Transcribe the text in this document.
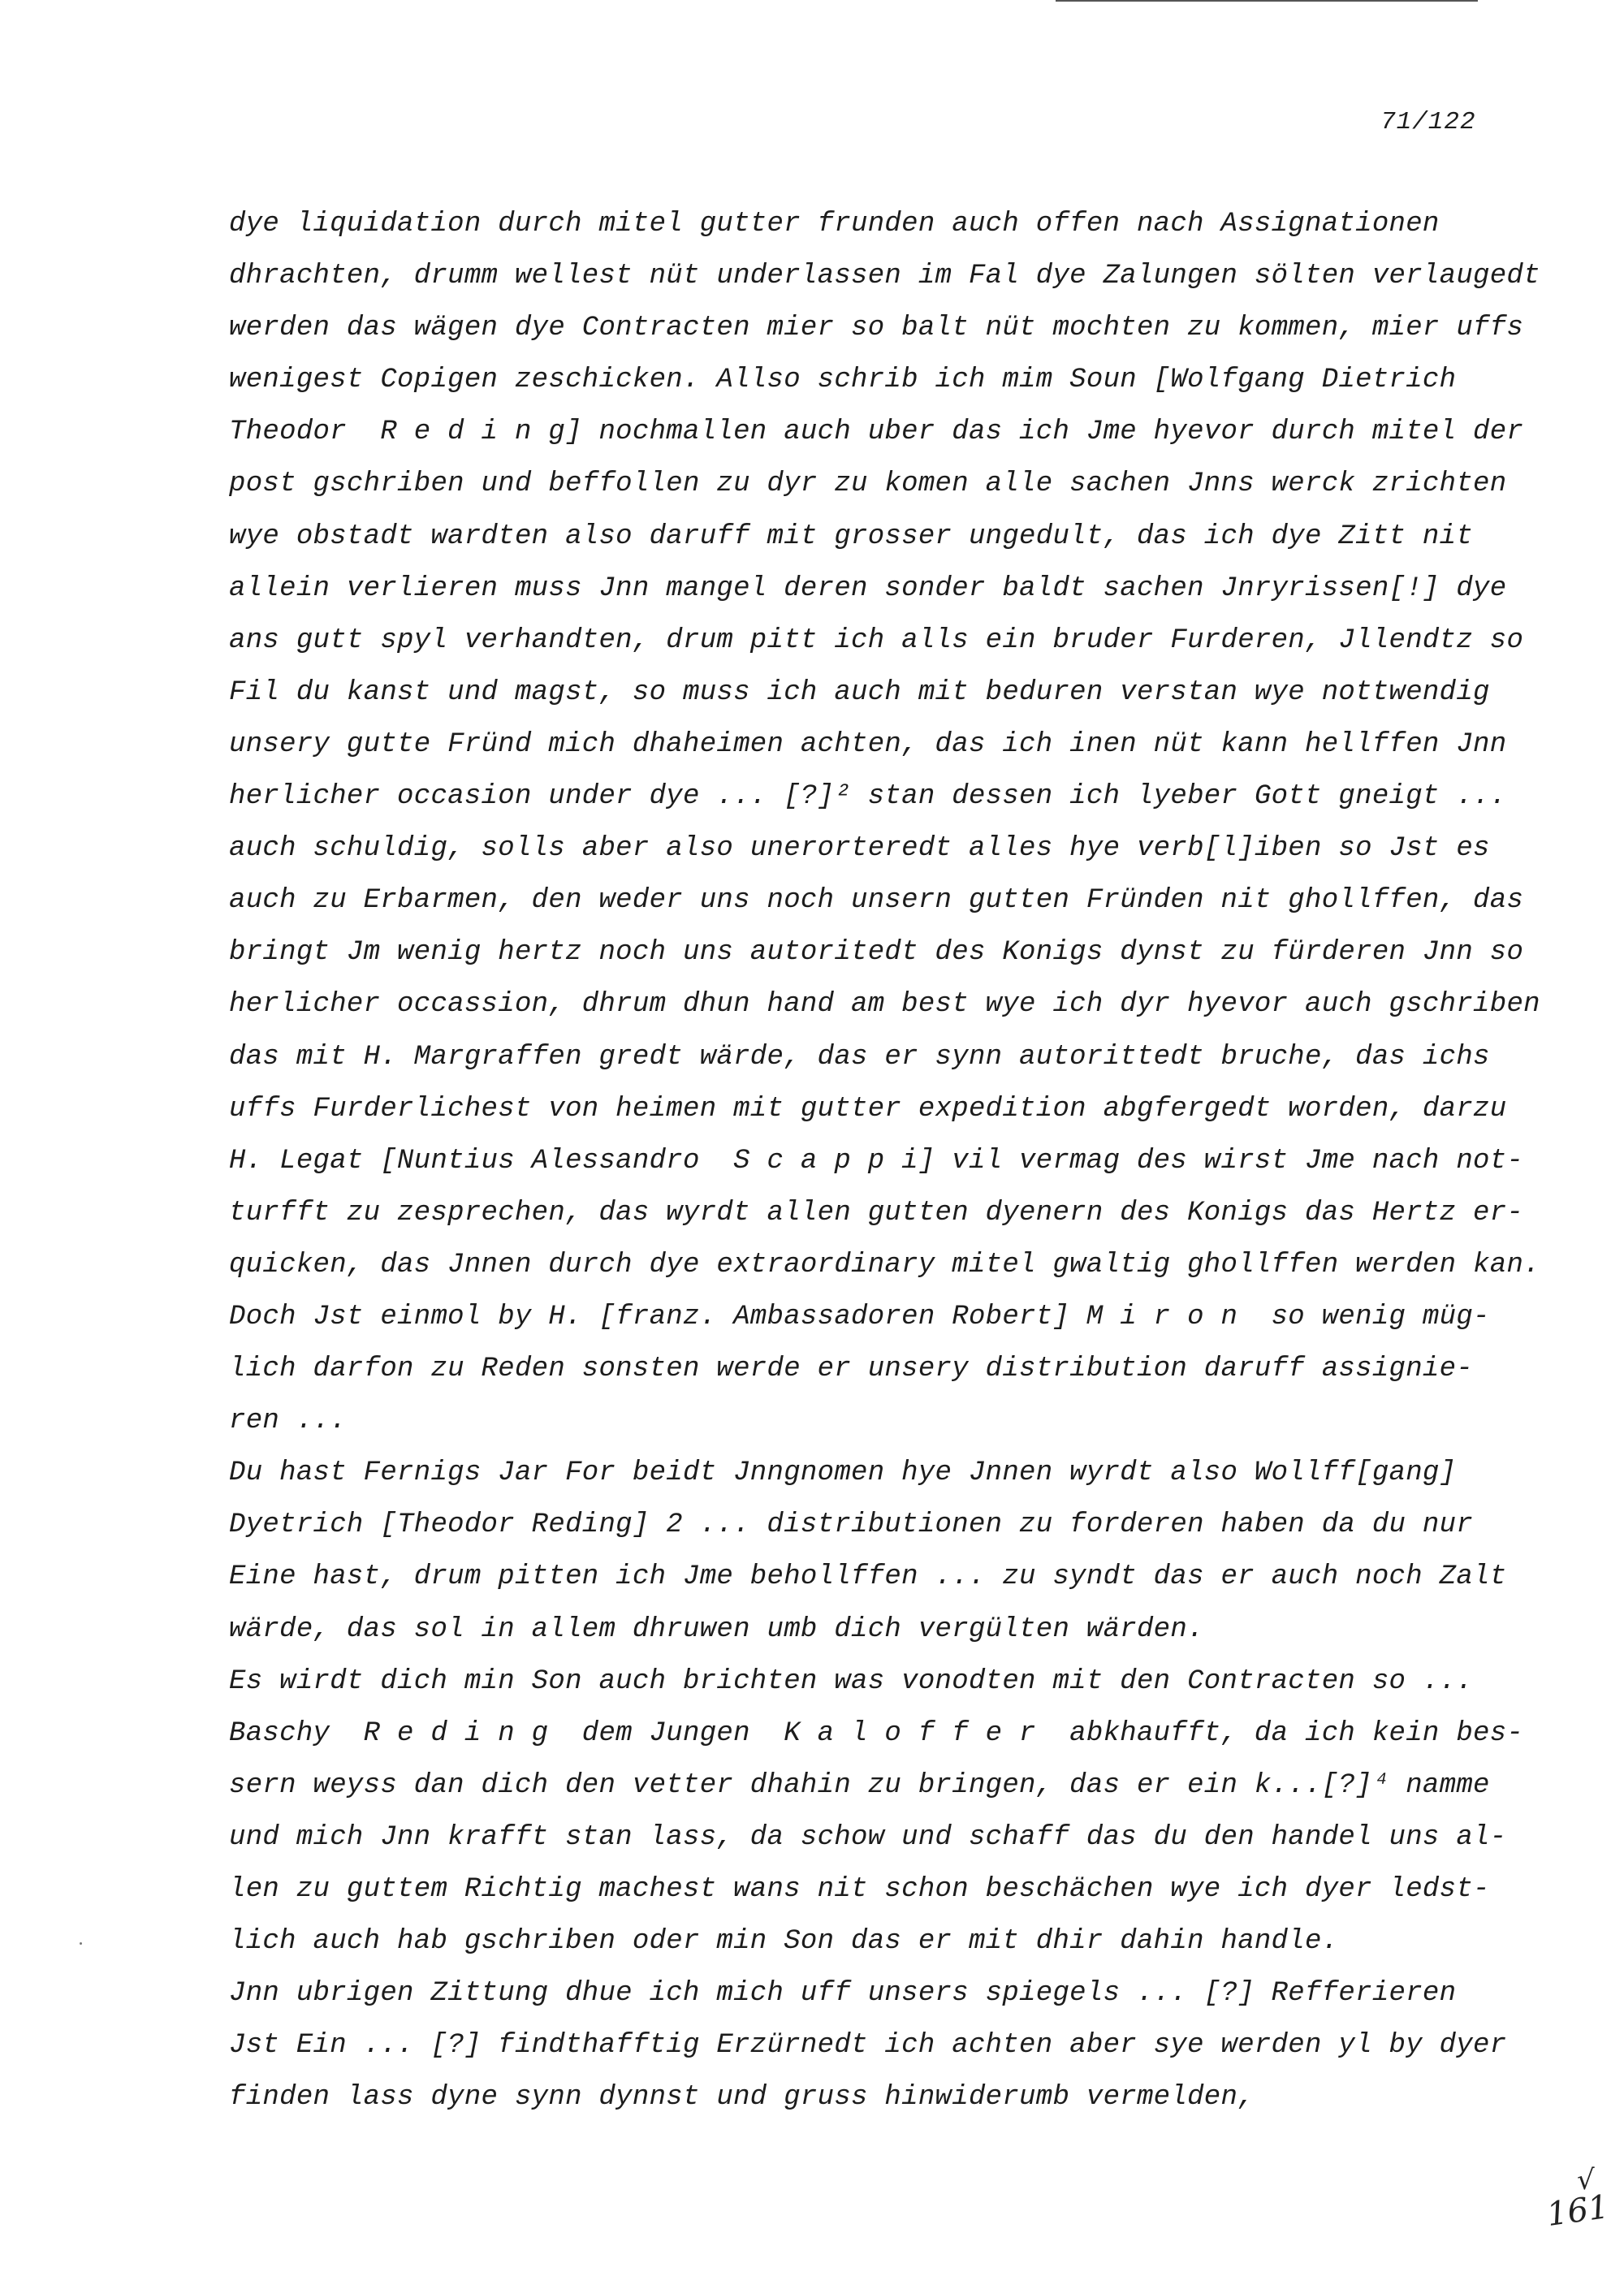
71/122
dye liquidation durch mitel gutter frunden auch offen nach Assignationen
dhrachten, drumm wellest nüt underlassen im Fal dye Zalungen sölten verlaugedt
werden das wägen dye Contracten mier so balt nüt mochten zu kommen, mier uffs
wenigest Copigen zeschicken. Allso schrib ich mim Soun [Wolfgang Dietrich
Theodor  R e d i n g] nochmallen auch uber das ich Jme hyevor durch mitel der
post gschriben und beffollen zu dyr zu komen alle sachen Jnns werck zrichten
wye obstadt wardten also daruff mit grosser ungedult, das ich dye Zitt nit
allein verlieren muss Jnn mangel deren sonder baldt sachen Jnryrissen[!] dye
ans gutt spyl verhandten, drum pitt ich alls ein bruder Furderen, Jllendtz so
Fil du kanst und magst, so muss ich auch mit beduren verstan wye nottwendig
unsery gutte Fründ mich dhaheimen achten, das ich inen nüt kann hellffen Jnn
herlicher occasion under dye ... [?]² stan dessen ich lyeber Gott gneigt ...
auch schuldig, solls aber also unerorteredt alles hye verb[l]iben so Jst es
auch zu Erbarmen, den weder uns noch unsern gutten Fründen nit ghollffen, das
bringt Jm wenig hertz noch uns autoritedt des Konigs dynst zu fürderen Jnn so
herlicher occassion, dhrum dhun hand am best wye ich dyr hyevor auch gschriben
das mit H. Margraffen gredt wärde, das er synn autorittedt bruche, das ichs
uffs Furderlichest von heimen mit gutter expedition abgfergedt worden, darzu
H. Legat [Nuntius Alessandro  S c a p p i] vil vermag des wirst Jme nach not-
turfft zu zesprechen, das wyrdt allen gutten dyenern des Konigs das Hertz er-
quicken, das Jnnen durch dye extraordinary mitel gwaltig ghollffen werden kan.
Doch Jst einmol by H. [franz. Ambassadoren Robert] M i r o n  so wenig müg-
lich darfon zu Reden sonsten werde er unsery distribution daruff assignie-
ren ...
Du hast Fernigs Jar For beidt Jnngnomen hye Jnnen wyrdt also Wollff[gang]
Dyetrich [Theodor Reding] 2 ... distributionen zu forderen haben da du nur
Eine hast, drum pitten ich Jme behollffen ... zu syndt das er auch noch Zalt
wärde, das sol in allem dhruwen umb dich vergülten wärden.
Es wirdt dich min Son auch brichten was vonodten mit den Contracten so ...
Baschy  R e d i n g  dem Jungen  K a l o f f e r  abkhaufft, da ich kein bes-
sern weyss dan dich den vetter dhahin zu bringen, das er ein k...[?]⁴ namme
und mich Jnn krafft stan lass, da schow und schaff das du den handel uns al-
len zu guttem Richtig machest wans nit schon beschächen wye ich dyer ledst-
lich auch hab gschriben oder min Son das er mit dhir dahin handle.
Jnn ubrigen Zittung dhue ich mich uff unsers spiegels ... [?] Refferieren
Jst Ein ... [?] findthafftig Erzürnedt ich achten aber sye werden yl by dyer
finden lass dyne synn dynnst und gruss hinwiderumb vermelden,
√
161
